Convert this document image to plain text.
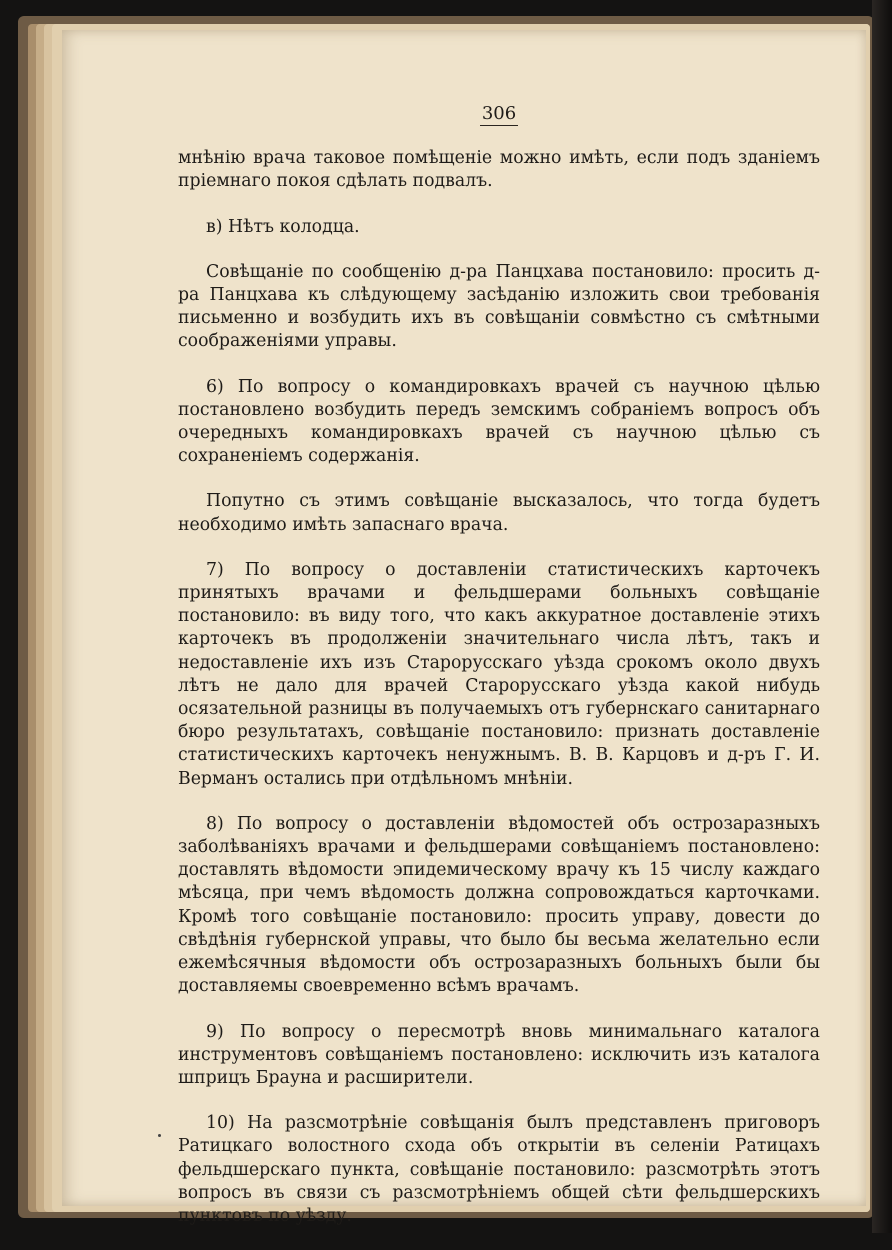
306

мнѣнію врача таковое помѣщеніе можно имѣть, если подъ зданіемъ пріемнаго покоя сдѣлать подвалъ.

в) Нѣтъ колодца.

Совѣщаніе по сообщенію д-ра Панцхава постановило: просить д-ра Панцхава къ слѣдующему засѣданію изложить свои требованія письменно и возбудить ихъ въ совѣщаніи совмѣстно съ смѣтными соображеніями управы.

6) По вопросу о командировкахъ врачей съ научною цѣлью постановлено возбудить передъ земскимъ собраніемъ вопросъ объ очередныхъ командировкахъ врачей съ научною цѣлью съ сохраненіемъ содержанія.

Попутно съ этимъ совѣщаніе высказалось, что тогда будетъ необходимо имѣть запаснаго врача.

7) По вопросу о доставленіи статистическихъ карточекъ принятыхъ врачами и фельдшерами больныхъ совѣщаніе постановило: въ виду того, что какъ аккуратное доставленіе этихъ карточекъ въ продолженіи значительнаго числа лѣтъ, такъ и недоставленіе ихъ изъ Старорусскаго уѣзда срокомъ около двухъ лѣтъ не дало для врачей Старорусскаго уѣзда какой нибудь осязательной разницы въ получаемыхъ отъ губернскаго санитарнаго бюро результатахъ, совѣщаніе постановило: признать доставленіе статистическихъ карточекъ ненужнымъ. В. В. Карцовъ и д-ръ Г. И. Верманъ остались при отдѣльномъ мнѣніи.

8) По вопросу о доставленіи вѣдомостей объ острозаразныхъ заболѣваніяхъ врачами и фельдшерами совѣщаніемъ постановлено: доставлять вѣдомости эпидемическому врачу къ 15 числу каждаго мѣсяца, при чемъ вѣдомость должна сопровождаться карточками. Кромѣ того совѣщаніе постановило: просить управу, довести до свѣдѣнія губернской управы, что было бы весьма желательно если ежемѣсячныя вѣдомости объ острозаразныхъ больныхъ были бы доставляемы своевременно всѣмъ врачамъ.

9) По вопросу о пересмотрѣ вновь минимальнаго каталога инструментовъ совѣщаніемъ постановлено: исключить изъ каталога шприцъ Брауна и расширители.

10) На разсмотрѣніе совѣщанія былъ представленъ приговоръ Ратицкаго волостного схода объ открытіи въ селеніи Ратицахъ фельдшерскаго пункта, совѣщаніе постановило: разсмотрѣть этотъ вопросъ въ связи съ разсмотрѣніемъ общей сѣти фельдшерскихъ пунктовъ по уѣзду.
